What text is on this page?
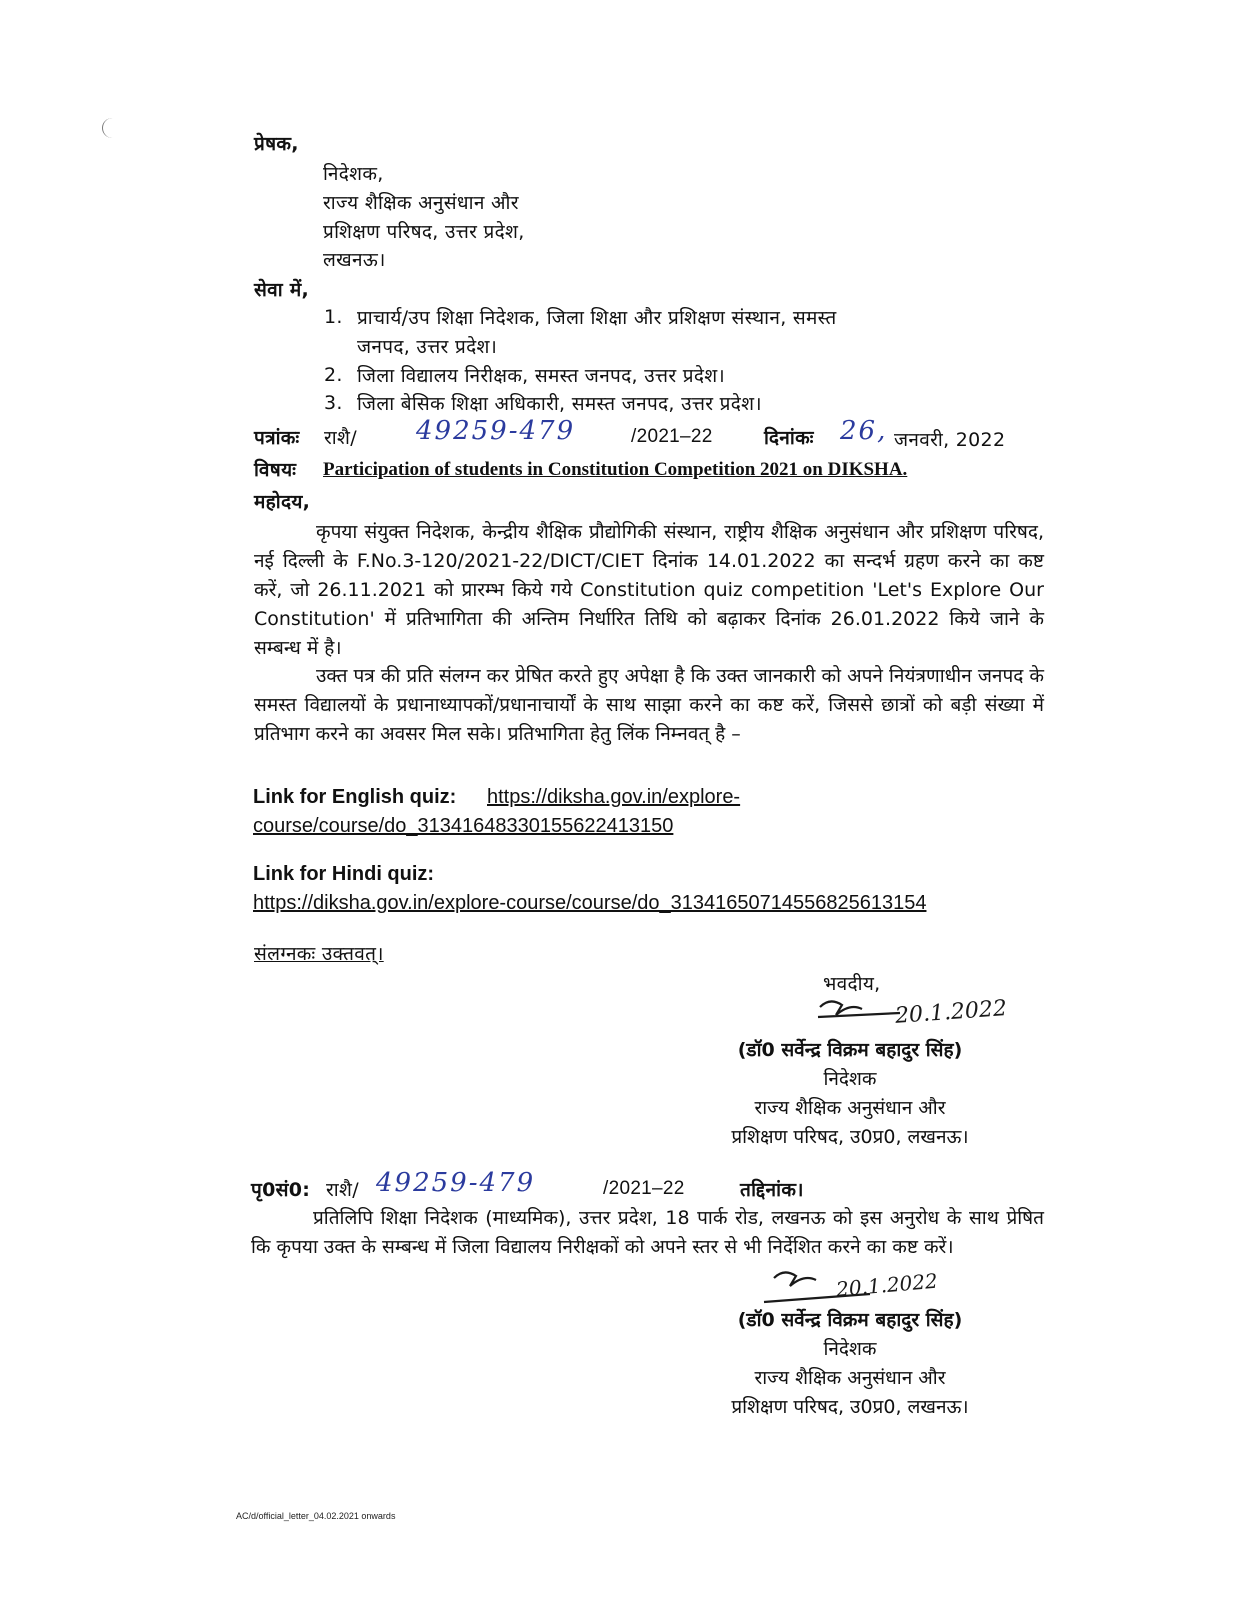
प्रेषक,
निदेशक,
राज्य शैक्षिक अनुसंधान और
प्रशिक्षण परिषद, उत्तर प्रदेश,
लखनऊ।
सेवा में,
1. प्राचार्य/उप शिक्षा निदेशक, जिला शिक्षा और प्रशिक्षण संस्थान, समस्त
जनपद, उत्तर प्रदेश।
2. जिला विद्यालय निरीक्षक, समस्त जनपद, उत्तर प्रदेश।
3. जिला बेसिक शिक्षा अधिकारी, समस्त जनपद, उत्तर प्रदेश।
पत्रांकः राशै/ 49259-479	/2021–22	दिनांकः 26, जनवरी, 2022
विषयः Participation of students in Constitution Competition 2021 on DIKSHA.
महोदय,

कृपया संयुक्त निदेशक, केन्द्रीय शैक्षिक प्रौद्योगिकी संस्थान, राष्ट्रीय शैक्षिक अनुसंधान और प्रशिक्षण परिषद, नई दिल्ली के F.No.3-120/2021-22/DICT/CIET दिनांक 14.01.2022 का सन्दर्भ ग्रहण करने का कष्ट करें, जो 26.11.2021 को प्रारम्भ किये गये Constitution quiz competition 'Let's Explore Our Constitution' में प्रतिभागिता की अन्तिम निर्धारित तिथि को बढ़ाकर दिनांक 26.01.2022 किये जाने के सम्बन्ध में है।

उक्त पत्र की प्रति संलग्न कर प्रेषित करते हुए अपेक्षा है कि उक्त जानकारी को अपने नियंत्रणाधीन जनपद के समस्त विद्यालयों के प्रधानाध्यापकों/प्रधानाचार्यों के साथ साझा करने का कष्ट करें, जिससे छात्रों को बड़ी संख्या में प्रतिभाग करने का अवसर मिल सके। प्रतिभागिता हेतु लिंक निम्नवत् है –

Link for English quiz: https://diksha.gov.in/explore-
course/course/do_3134164833015562241315​0
Link for Hindi quiz:
https://diksha.gov.in/explore-course/course/do_31341650714556825613154
संलग्नकः उक्तवत्।
भवदीय,
20.1.2022
(डॉ0 सर्वेन्द्र विक्रम बहादुर सिंह)
निदेशक
राज्य शैक्षिक अनुसंधान और
प्रशिक्षण परिषद, उ0प्र0, लखनऊ।
पृ0सं0: राशै/ 49259-479	/2021–22	तद्दिनांक।

प्रतिलिपि शिक्षा निदेशक (माध्यमिक), उत्तर प्रदेश, 18 पार्क रोड, लखनऊ को इस अनुरोध के साथ प्रेषित कि कृपया उक्त के सम्बन्ध में जिला विद्यालय निरीक्षकों को अपने स्तर से भी निर्देशित करने का कष्ट करें।

20.1.2022
(डॉ0 सर्वेन्द्र विक्रम बहादुर सिंह)
निदेशक
राज्य शैक्षिक अनुसंधान और
प्रशिक्षण परिषद, उ0प्र0, लखनऊ।
AC/d/official_letter_04.02.2021 onwards
